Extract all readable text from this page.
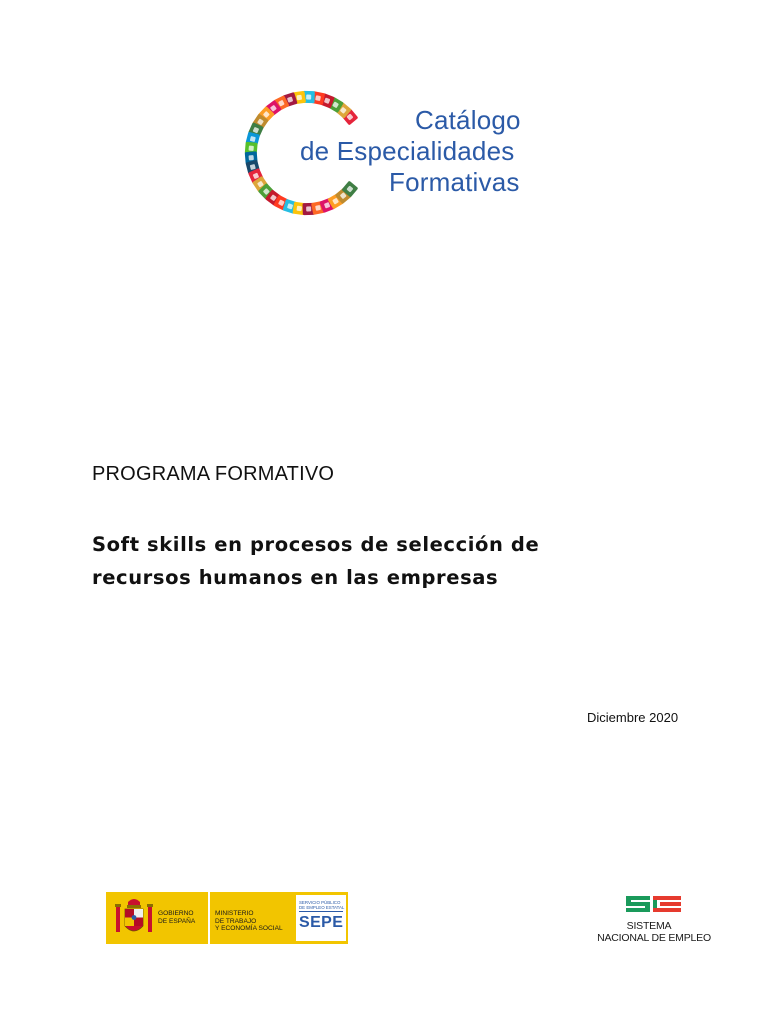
Catálogo
de Especialidades
Formativas
PROGRAMA FORMATIVO
Soft skills en procesos de selección de
recursos humanos en las empresas
Diciembre 2020
GOBIERNO
DE ESPAÑA
MINISTERIO
DE TRABAJO
Y ECONOMÍA SOCIAL
SERVICIO PÚBLICO
DE EMPLEO ESTATAL
SEPE	SISTEMA
NACIONAL DE EMPLEO
